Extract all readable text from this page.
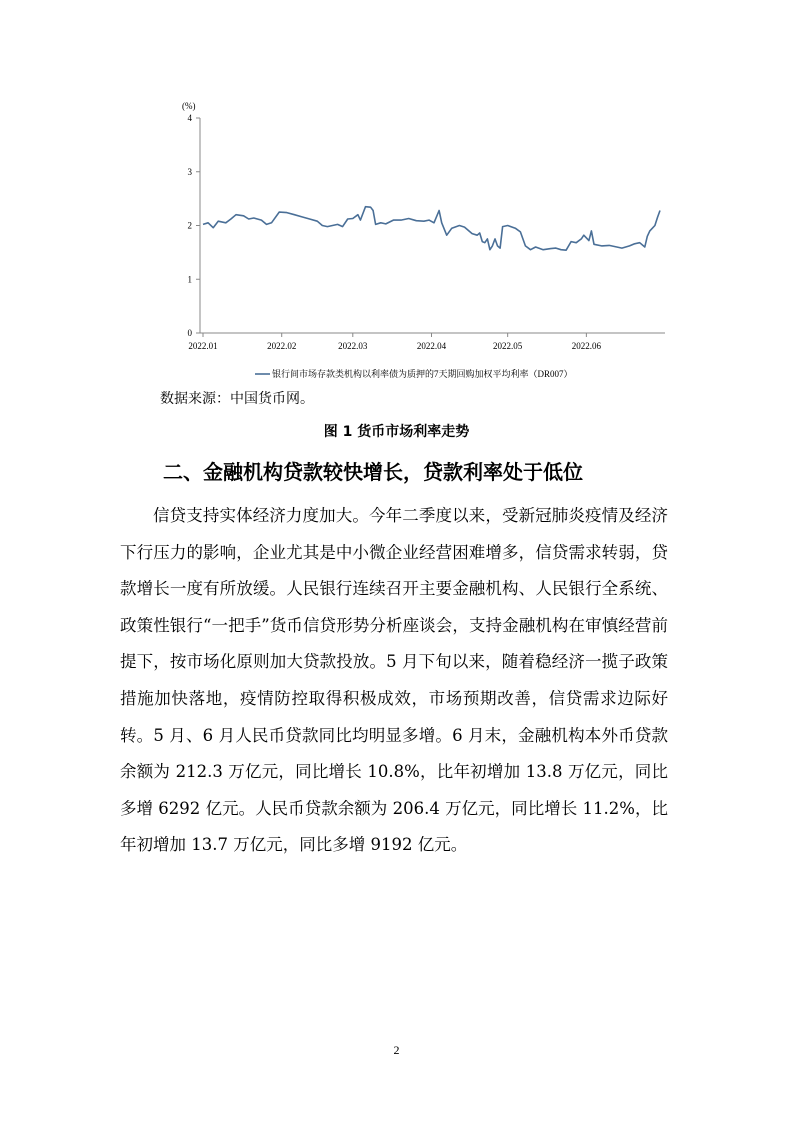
(%)
0
1
2
3
4
2022.01	2022.02	2022.03	2022.04	2022.05	2022.06
银行间市场存款类机构以利率债为质押的7天期回购加权平均利率（DR007）
数据来源：中国货币网。
图 1 货币市场利率走势
二、金融机构贷款较快增长，贷款利率处于低位

信贷支持实体经济力度加大。今年二季度以来，受新冠肺炎疫情及经济下行压力的影响，企业尤其是中小微企业经营困难增多，信贷需求转弱，贷款增长一度有所放缓。人民银行连续召开主要金融机构、人民银行全系统、政策性银行“一把手”货币信贷形势分析座谈会，支持金融机构在审慎经营前提下，按市场化原则加大贷款投放。5 月下旬以来，随着稳经济一揽子政策措施加快落地，疫情防控取得积极成效，市场预期改善，信贷需求边际好转。5 月、6 月人民币贷款同比均明显多增。6 月末，金融机构本外币贷款余额为 212.3 万亿元，同比增长 10.8%，比年初增加 13.8 万亿元，同比多增 6292 亿元。人民币贷款余额为 206.4 万亿元，同比增长 11.2%，比年初增加 13.7 万亿元，同比多增 9192 亿元。

2
